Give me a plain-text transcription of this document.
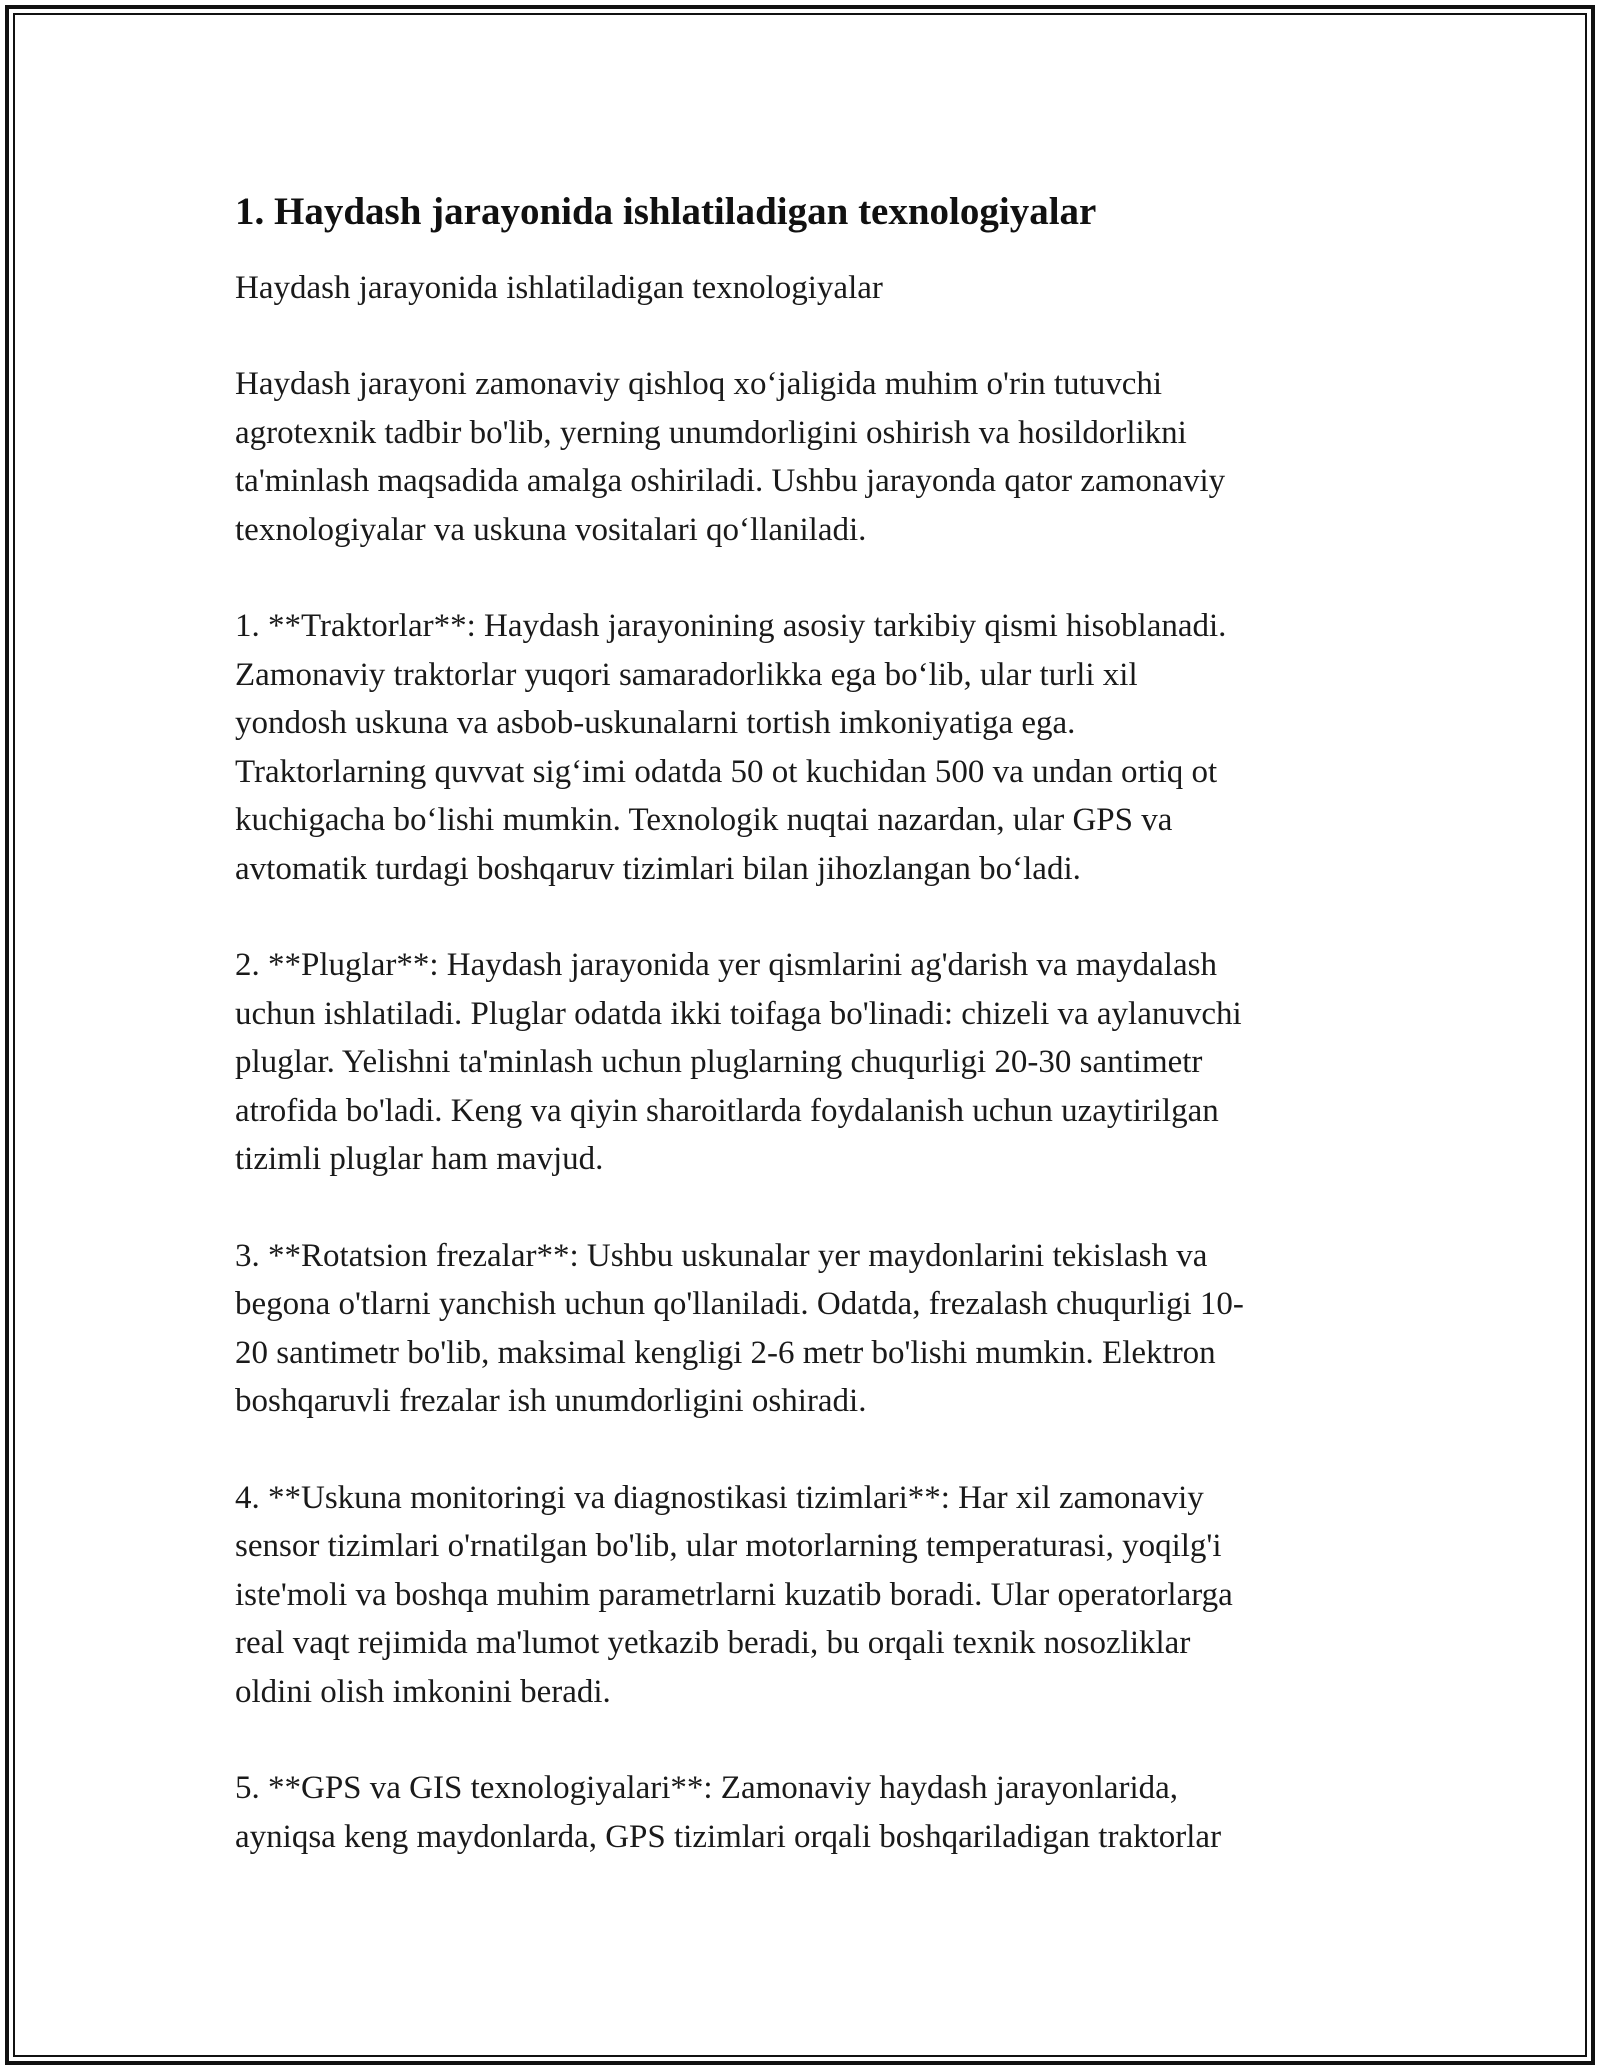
1. Haydash jarayonida ishlatiladigan texnologiyalar

Haydash jarayonida ishlatiladigan texnologiyalar

Haydash jarayoni zamonaviy qishloq xo‘jaligida muhim o'rin tutuvchi
agrotexnik tadbir bo'lib, yerning unumdorligini oshirish va hosildorlikni
ta'minlash maqsadida amalga oshiriladi. Ushbu jarayonda qator zamonaviy
texnologiyalar va uskuna vositalari qo‘llaniladi.

1. **Traktorlar**: Haydash jarayonining asosiy tarkibiy qismi hisoblanadi.
Zamonaviy traktorlar yuqori samaradorlikka ega bo‘lib, ular turli xil
yondosh uskuna va asbob-uskunalarni tortish imkoniyatiga ega.
Traktorlarning quvvat sig‘imi odatda 50 ot kuchidan 500 va undan ortiq ot
kuchigacha bo‘lishi mumkin. Texnologik nuqtai nazardan, ular GPS va
avtomatik turdagi boshqaruv tizimlari bilan jihozlangan bo‘ladi.

2. **Pluglar**: Haydash jarayonida yer qismlarini ag'darish va maydalash
uchun ishlatiladi. Pluglar odatda ikki toifaga bo'linadi: chizeli va aylanuvchi
pluglar. Yelishni ta'minlash uchun pluglarning chuqurligi 20-30 santimetr
atrofida bo'ladi. Keng va qiyin sharoitlarda foydalanish uchun uzaytirilgan
tizimli pluglar ham mavjud.

3. **Rotatsion frezalar**: Ushbu uskunalar yer maydonlarini tekislash va
begona o'tlarni yanchish uchun qo'llaniladi. Odatda, frezalash chuqurligi 10-
20 santimetr bo'lib, maksimal kengligi 2-6 metr bo'lishi mumkin. Elektron
boshqaruvli frezalar ish unumdorligini oshiradi.

4. **Uskuna monitoringi va diagnostikasi tizimlari**: Har xil zamonaviy
sensor tizimlari o'rnatilgan bo'lib, ular motorlarning temperaturasi, yoqilg'i
iste'moli va boshqa muhim parametrlarni kuzatib boradi. Ular operatorlarga
real vaqt rejimida ma'lumot yetkazib beradi, bu orqali texnik nosozliklar
oldini olish imkonini beradi.

5. **GPS va GIS texnologiyalari**: Zamonaviy haydash jarayonlarida,
ayniqsa keng maydonlarda, GPS tizimlari orqali boshqariladigan traktorlar
